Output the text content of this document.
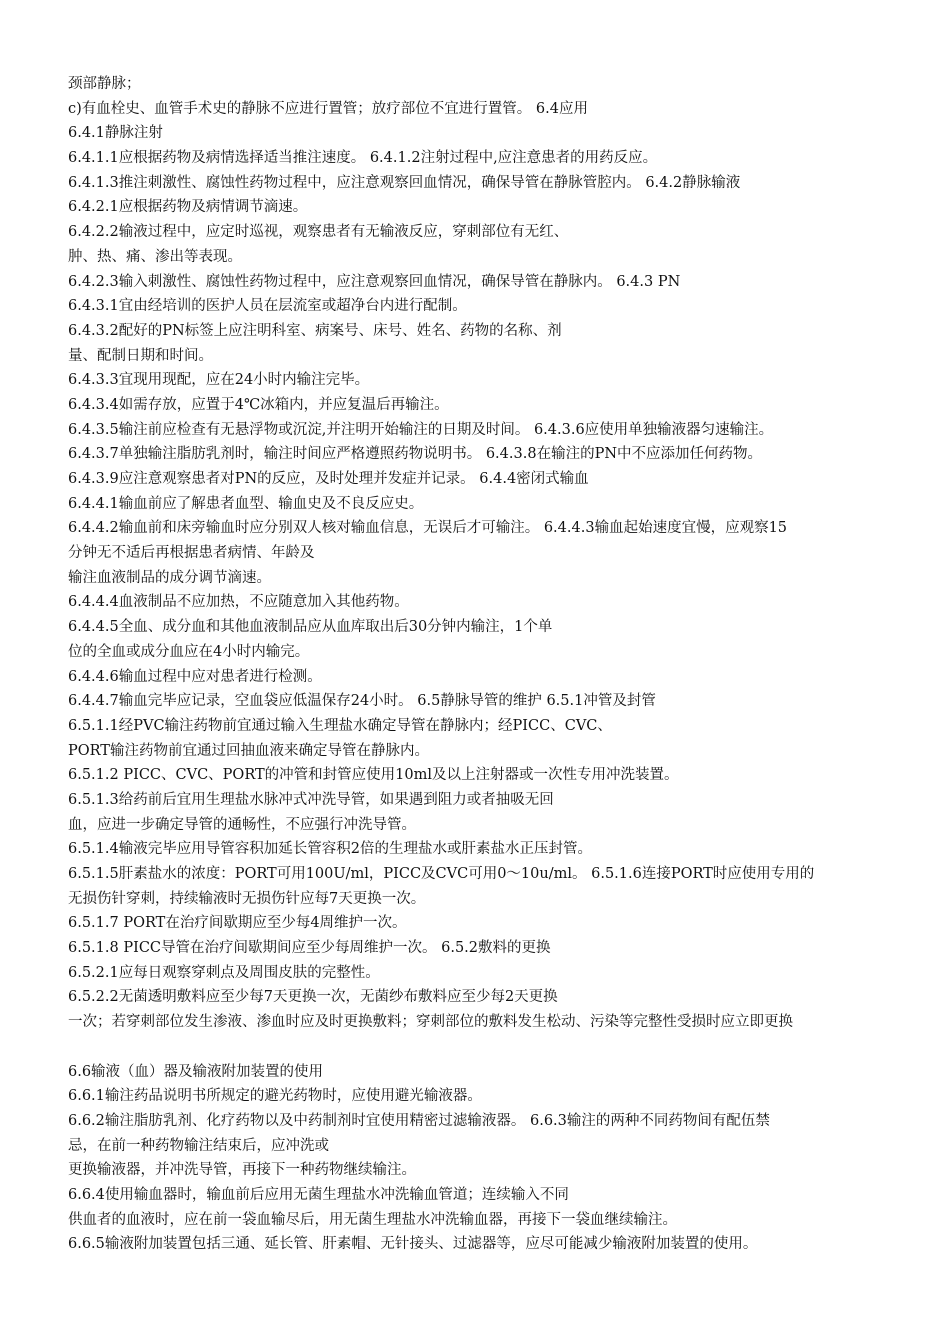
颈部静脉；
c)有血栓史、血管手术史的静脉不应进行置管；放疗部位不宜进行置管。 6.4应用
6.4.1静脉注射
6.4.1.1应根据药物及病情选择适当推注速度。 6.4.1.2注射过程中,应注意患者的用药反应。
6.4.1.3推注刺激性、腐蚀性药物过程中，应注意观察回血情况，确保导管在静脉管腔内。 6.4.2静脉输液
6.4.2.1应根据药物及病情调节滴速。
6.4.2.2输液过程中，应定时巡视，观察患者有无输液反应，穿刺部位有无红、
肿、热、痛、渗出等表现。
6.4.2.3输入刺激性、腐蚀性药物过程中，应注意观察回血情况，确保导管在静脉内。 6.4.3 PN
6.4.3.1宜由经培训的医护人员在层流室或超净台内进行配制。
6.4.3.2配好的PN标签上应注明科室、病案号、床号、姓名、药物的名称、剂
量、配制日期和时间。
6.4.3.3宜现用现配，应在24小时内输注完毕。
6.4.3.4如需存放，应置于4℃冰箱内，并应复温后再输注。
6.4.3.5输注前应检查有无悬浮物或沉淀,并注明开始输注的日期及时间。 6.4.3.6应使用单独输液器匀速输注。
6.4.3.7单独输注脂肪乳剂时，输注时间应严格遵照药物说明书。 6.4.3.8在输注的PN中不应添加任何药物。
6.4.3.9应注意观察患者对PN的反应，及时处理并发症并记录。 6.4.4密闭式输血
6.4.4.1输血前应了解患者血型、输血史及不良反应史。
6.4.4.2输血前和床旁输血时应分别双人核对输血信息，无误后才可输注。 6.4.4.3输血起始速度宜慢，应观察15
分钟无不适后再根据患者病情、年龄及
输注血液制品的成分调节滴速。
6.4.4.4血液制品不应加热，不应随意加入其他药物。
6.4.4.5全血、成分血和其他血液制品应从血库取出后30分钟内输注，1个单
位的全血或成分血应在4小时内输完。
6.4.4.6输血过程中应对患者进行检测。
6.4.4.7输血完毕应记录，空血袋应低温保存24小时。 6.5静脉导管的维护 6.5.1冲管及封管
6.5.1.1经PVC输注药物前宜通过输入生理盐水确定导管在静脉内；经PICC、CVC、
PORT输注药物前宜通过回抽血液来确定导管在静脉内。
6.5.1.2 PICC、CVC、PORT的冲管和封管应使用10ml及以上注射器或一次性专用冲洗装置。
6.5.1.3给药前后宜用生理盐水脉冲式冲洗导管，如果遇到阻力或者抽吸无回
血，应进一步确定导管的通畅性，不应强行冲洗导管。
6.5.1.4输液完毕应用导管容积加延长管容积2倍的生理盐水或肝素盐水正压封管。
6.5.1.5肝素盐水的浓度：PORT可用100U/ml，PICC及CVC可用0～10u/ml。 6.5.1.6连接PORT时应使用专用的
无损伤针穿刺，持续输液时无损伤针应每7天更换一次。
6.5.1.7 PORT在治疗间歇期应至少每4周维护一次。
6.5.1.8 PICC导管在治疗间歇期间应至少每周维护一次。 6.5.2敷料的更换
6.5.2.1应每日观察穿刺点及周围皮肤的完整性。
6.5.2.2无菌透明敷料应至少每7天更换一次，无菌纱布敷料应至少每2天更换
一次；若穿刺部位发生渗液、渗血时应及时更换敷料；穿刺部位的敷料发生松动、污染等完整性受损时应立即更换
6.6输液（血）器及输液附加装置的使用
6.6.1输注药品说明书所规定的避光药物时，应使用避光输液器。
6.6.2输注脂肪乳剂、化疗药物以及中药制剂时宜使用精密过滤输液器。 6.6.3输注的两种不同药物间有配伍禁
忌，在前一种药物输注结束后，应冲洗或
更换输液器，并冲洗导管，再接下一种药物继续输注。
6.6.4使用输血器时，输血前后应用无菌生理盐水冲洗输血管道；连续输入不同
供血者的血液时，应在前一袋血输尽后，用无菌生理盐水冲洗输血器，再接下一袋血继续输注。
6.6.5输液附加装置包括三通、延长管、肝素帽、无针接头、过滤器等，应尽可能减少输液附加装置的使用。
